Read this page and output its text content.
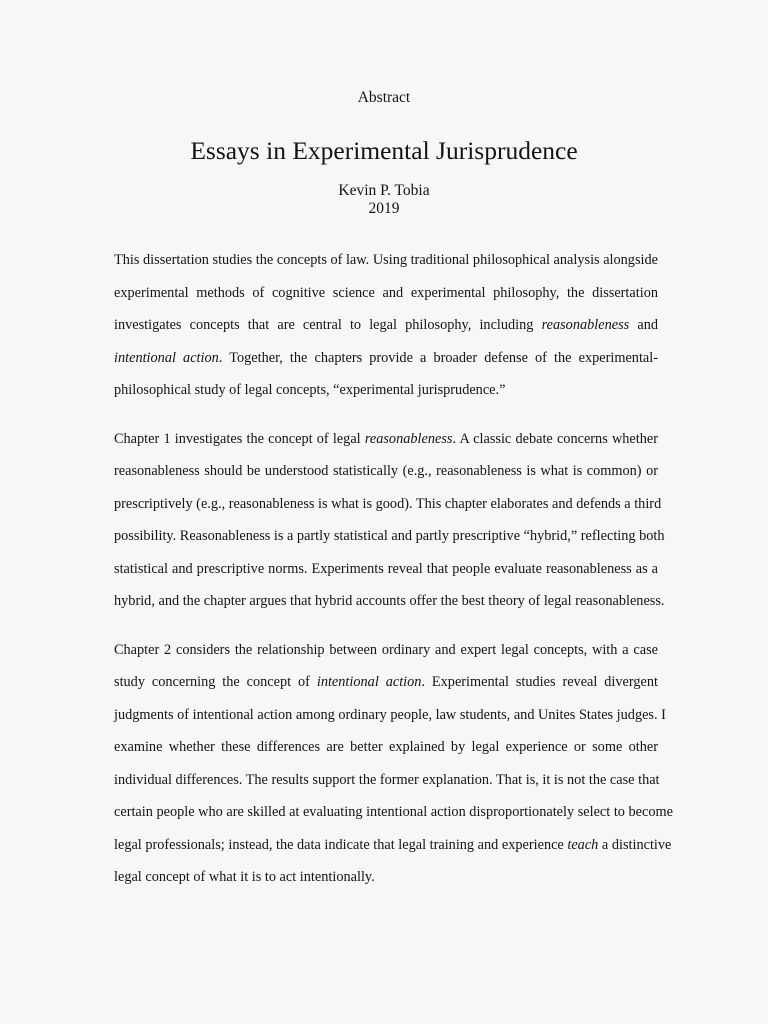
Abstract
Essays in Experimental Jurisprudence
Kevin P. Tobia
2019

This dissertation studies the concepts of law. Using traditional philosophical analysis alongside
experimental methods of cognitive science and experimental philosophy, the dissertation
investigates concepts that are central to legal philosophy, including reasonableness and
intentional action. Together, the chapters provide a broader defense of the experimental-
philosophical study of legal concepts, “experimental jurisprudence.”

Chapter 1 investigates the concept of legal reasonableness. A classic debate concerns whether
reasonableness should be understood statistically (e.g., reasonableness is what is common) or
prescriptively (e.g., reasonableness is what is good). This chapter elaborates and defends a third
possibility. Reasonableness is a partly statistical and partly prescriptive “hybrid,” reflecting both
statistical and prescriptive norms. Experiments reveal that people evaluate reasonableness as a
hybrid, and the chapter argues that hybrid accounts offer the best theory of legal reasonableness.

Chapter 2 considers the relationship between ordinary and expert legal concepts, with a case
study concerning the concept of intentional action. Experimental studies reveal divergent
judgments of intentional action among ordinary people, law students, and Unites States judges. I
examine whether these differences are better explained by legal experience or some other
individual differences. The results support the former explanation. That is, it is not the case that
certain people who are skilled at evaluating intentional action disproportionately select to become
legal professionals; instead, the data indicate that legal training and experience teach a distinctive
legal concept of what it is to act intentionally.
